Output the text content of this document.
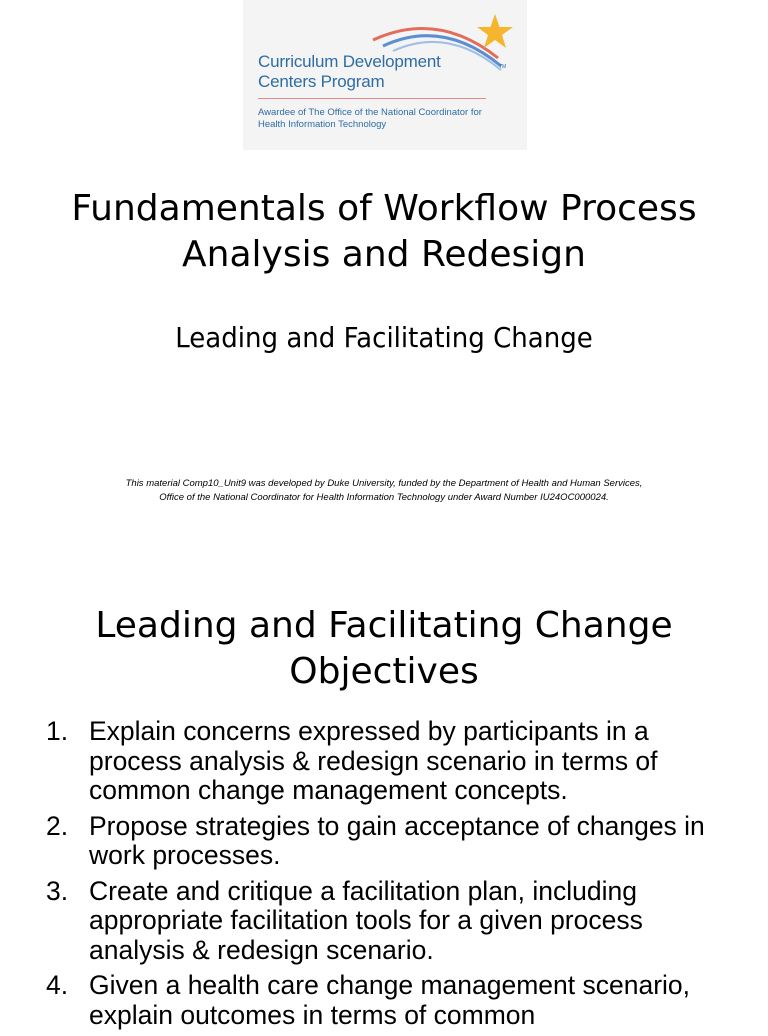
Curriculum Development
Centers Program
TM
Awardee of The Office of the National Coordinator for
Health Information Technology
Fundamentals of Workflow Process
Analysis and Redesign
Leading and Facilitating Change
This material Comp10_Unit9 was developed by Duke University, funded by the Department of Health and Human Services,
Office of the National Coordinator for Health Information Technology under Award Number IU24OC000024.
Leading and Facilitating Change
Objectives
1. Explain concerns expressed by participants in a process analysis & redesign scenario in terms of common change management concepts.
2. Propose strategies to gain acceptance of changes in work processes.
3. Create and critique a facilitation plan, including appropriate facilitation tools for a given process analysis & redesign scenario.
4. Given a health care change management scenario, explain outcomes in terms of common
